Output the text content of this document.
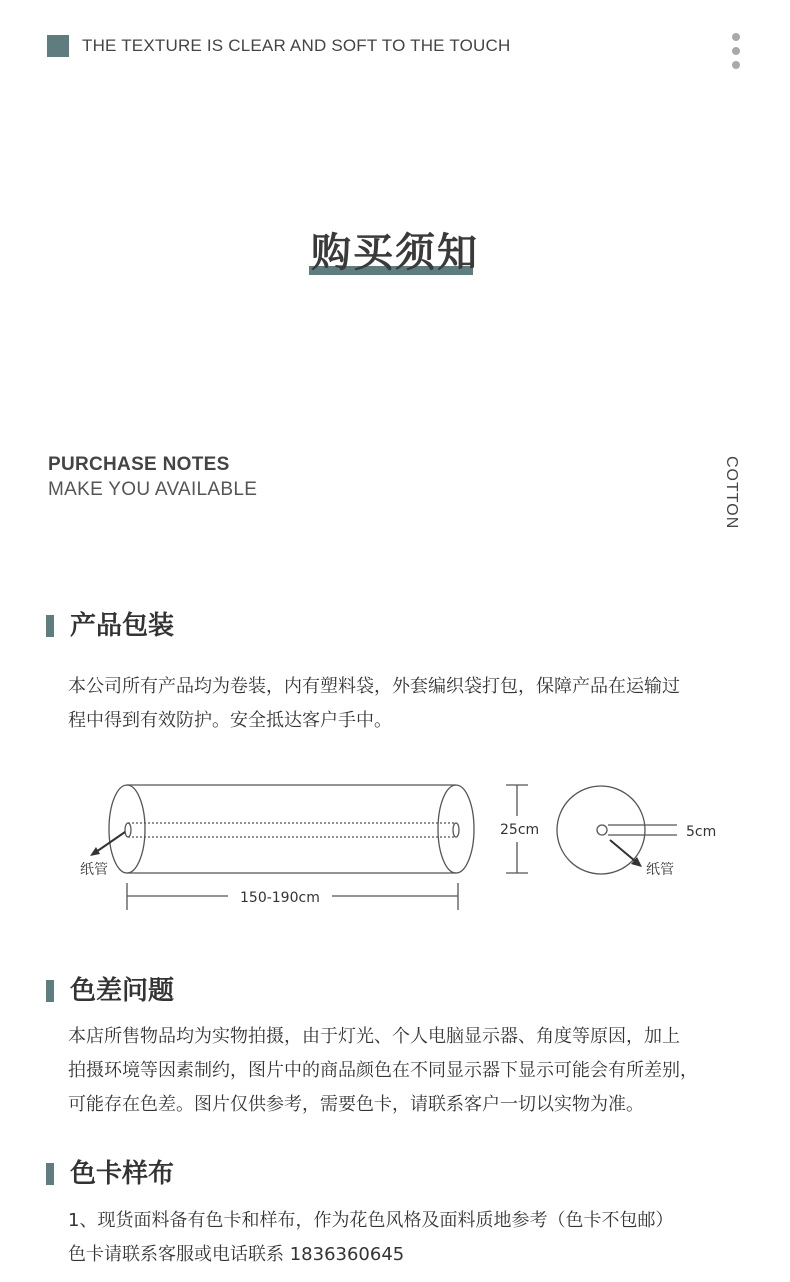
THE TEXTURE IS CLEAR AND SOFT TO THE TOUCH
购买须知
PURCHASE NOTES
MAKE YOU AVAILABLE	COTTON
产品包装

本公司所有产品均为卷装，内有塑料袋，外套编织袋打包，保障产品在运输过

程中得到有效防护。安全抵达客户手中。

纸管
150-190cm
25cm	5cm
纸管
色差问题

本店所售物品均为实物拍摄，由于灯光、个人电脑显示器、角度等原因，加上

拍摄环境等因素制约，图片中的商品颜色在不同显示器下显示可能会有所差别，

可能存在色差。图片仅供参考，需要色卡，请联系客户一切以实物为准。

色卡样布

1、现货面料备有色卡和样布，作为花色风格及面料质地参考（色卡不包邮）

色卡请联系客服或电话联系 1836360645
